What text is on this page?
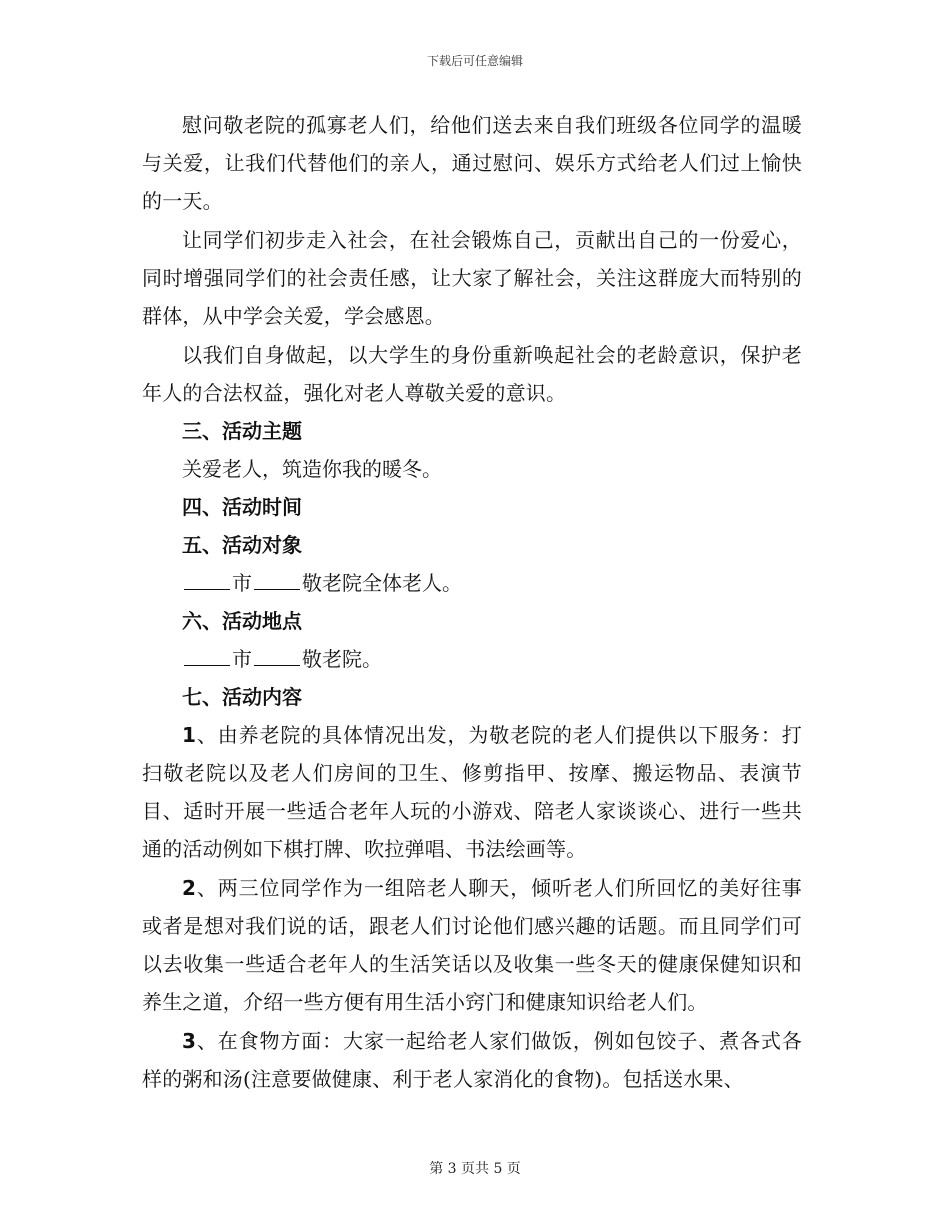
下载后可任意编辑

慰问敬老院的孤寡老人们，给他们送去来自我们班级各位同学的温暖与关爱，让我们代替他们的亲人，通过慰问、娱乐方式给老人们过上愉快的一天。

让同学们初步走入社会，在社会锻炼自己，贡献出自己的一份爱心，同时增强同学们的社会责任感，让大家了解社会，关注这群庞大而特别的群体，从中学会关爱，学会感恩。

以我们自身做起，以大学生的身份重新唤起社会的老龄意识，保护老年人的合法权益，强化对老人尊敬关爱的意识。

三、活动主题

关爱老人，筑造你我的暖冬。

四、活动时间

五、活动对象

市	敬老院全体老人。

六、活动地点

市	敬老院。

七、活动内容

1、由养老院的具体情况出发，为敬老院的老人们提供以下服务：打扫敬老院以及老人们房间的卫生、修剪指甲、按摩、搬运物品、表演节目、适时开展一些适合老年人玩的小游戏、陪老人家谈谈心、进行一些共通的活动例如下棋打牌、吹拉弹唱、书法绘画等。

2、两三位同学作为一组陪老人聊天，倾听老人们所回忆的美好往事或者是想对我们说的话，跟老人们讨论他们感兴趣的话题。而且同学们可以去收集一些适合老年人的生活笑话以及收集一些冬天的健康保健知识和养生之道，介绍一些方便有用生活小窍门和健康知识给老人们。

3、在食物方面：大家一起给老人家们做饭，例如包饺子、煮各式各样的粥和汤(注意要做健康、利于老人家消化的食物)。包括送水果、

第 3 页共 5 页
